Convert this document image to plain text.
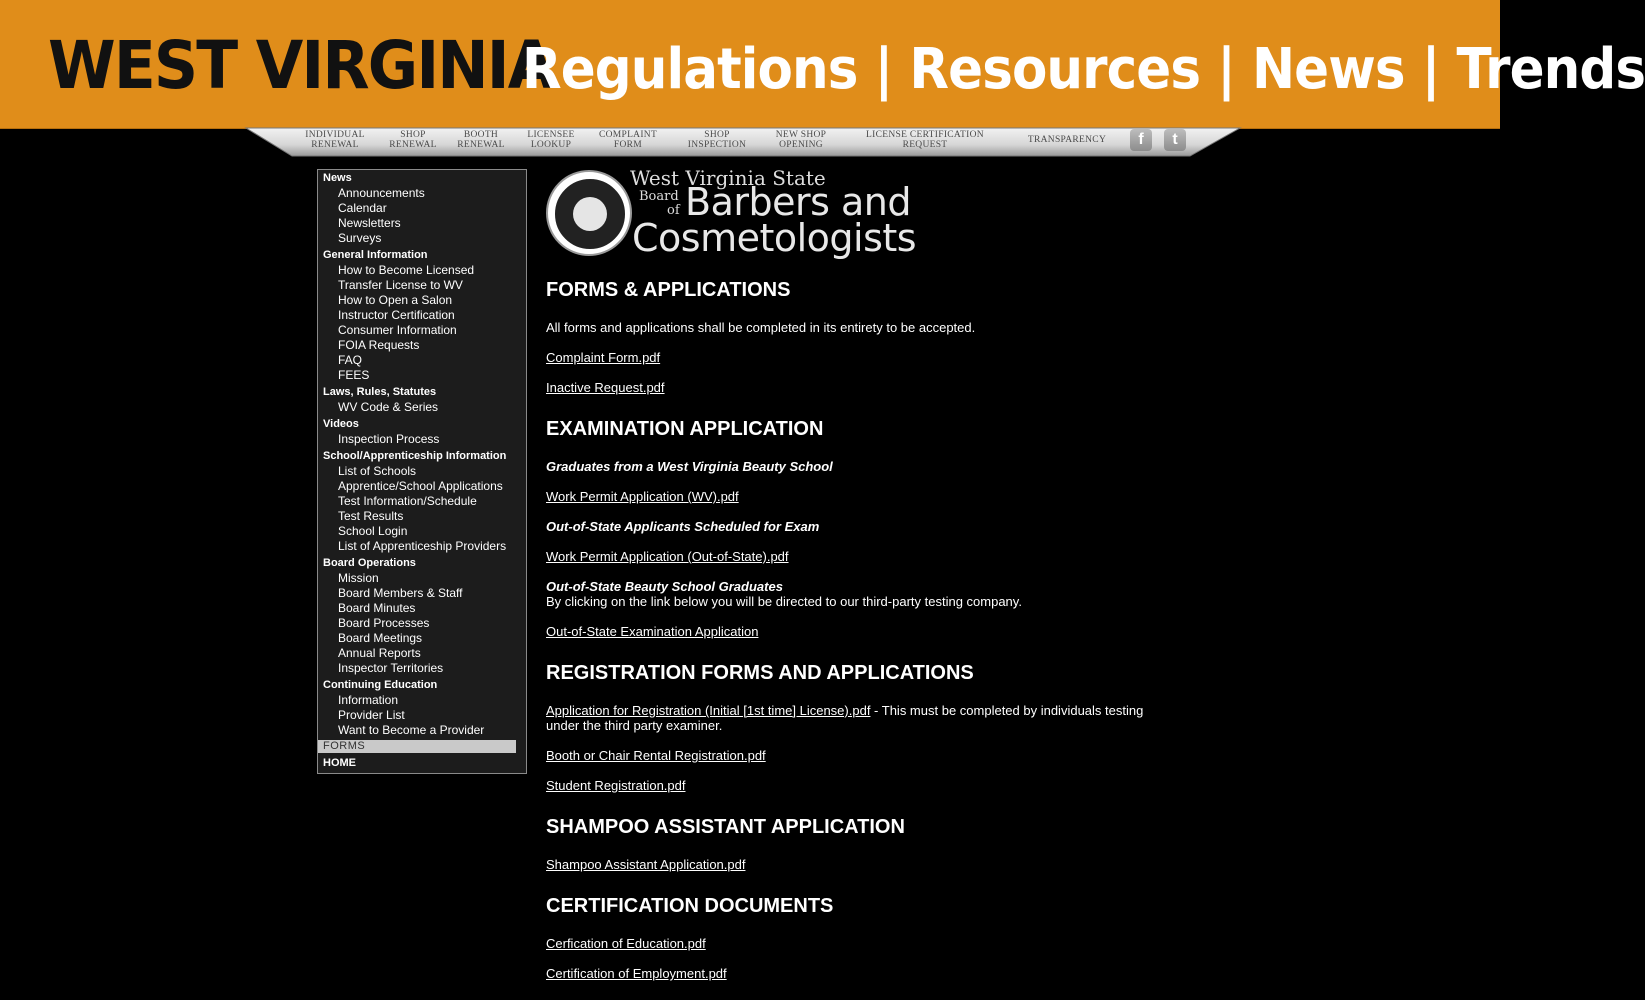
WEST VIRGINIA
Regulations | Resources | News | Trends
INDIVIDUAL
RENEWAL
SHOP
RENEWAL
BOOTH
RENEWAL
LICENSEE
LOOKUP
COMPLAINT
FORM
SHOP
INSPECTION
NEW SHOP
OPENING
LICENSE CERTIFICATION
REQUEST	TRANSPARENCY	f	t
News
Announcements
Calendar
Newsletters
Surveys
General Information
How to Become Licensed
Transfer License to WV
How to Open a Salon
Instructor Certification
Consumer Information
FOIA Requests
FAQ
FEES
Laws, Rules, Statutes
WV Code & Series
Videos
Inspection Process
School/Apprenticeship Information
List of Schools
Apprentice/School Applications
Test Information/Schedule
Test Results
School Login
List of Apprenticeship Providers
Board Operations
Mission
Board Members & Staff
Board Minutes
Board Processes
Board Meetings
Annual Reports
Inspector Territories
Continuing Education
Information
Provider List
Want to Become a Provider
FORMS
HOME
West Virginia State
Board
of Barbers and
Cosmetologists
FORMS & APPLICATIONS
All forms and applications shall be completed in its entirety to be accepted.
Complaint Form.pdf
Inactive Request.pdf
EXAMINATION APPLICATION
Graduates from a West Virginia Beauty School
Work Permit Application (WV).pdf
Out-of-State Applicants Scheduled for Exam
Work Permit Application (Out-of-State).pdf
Out-of-State Beauty School Graduates
By clicking on the link below you will be directed to our third-party testing company.
Out-of-State Examination Application
REGISTRATION FORMS AND APPLICATIONS
Application for Registration (Initial [1st time] License).pdf - This must be completed by individuals testing under the third party examiner.
Booth or Chair Rental Registration.pdf
Student Registration.pdf
SHAMPOO ASSISTANT APPLICATION
Shampoo Assistant Application.pdf
CERTIFICATION DOCUMENTS
Cerfication of Education.pdf
Certification of Employment.pdf
